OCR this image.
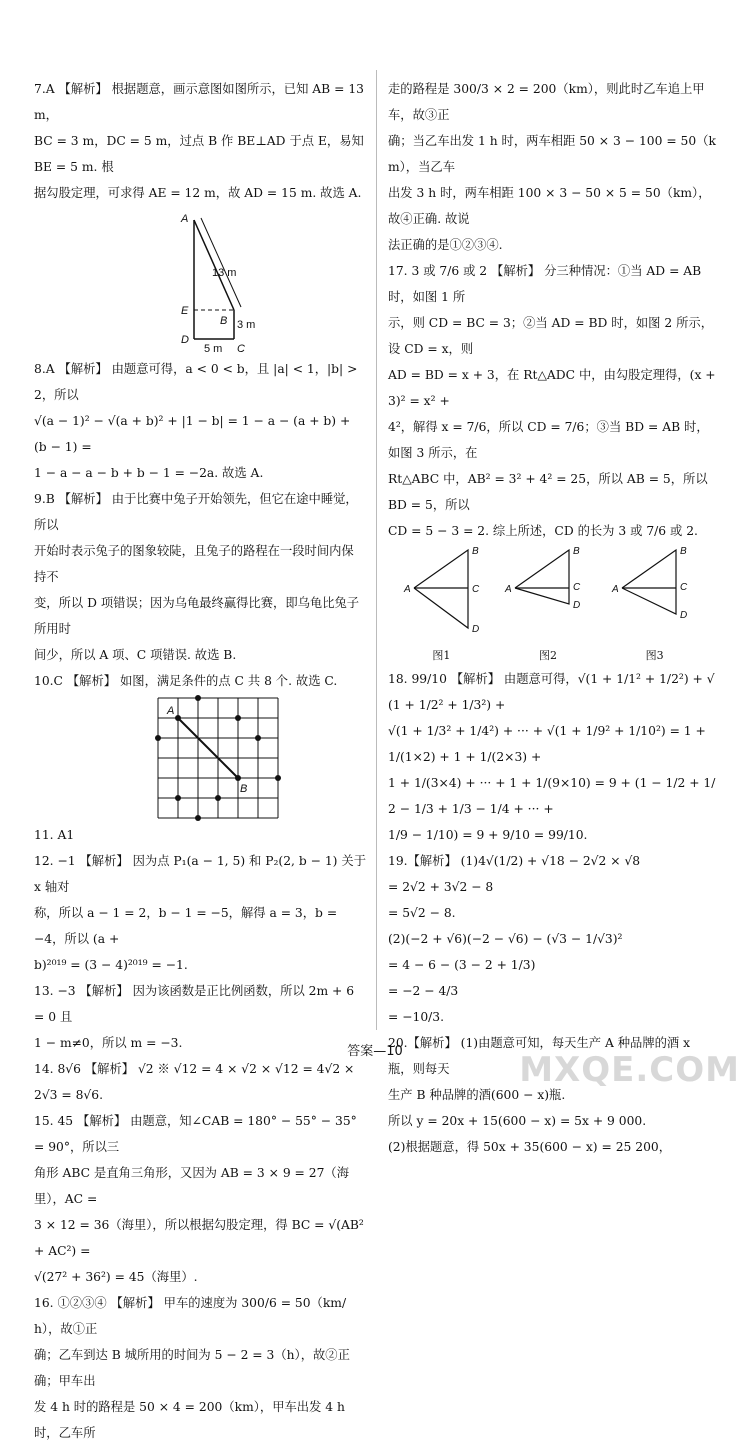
7.A 【解析】 根据题意，画示意图如图所示，已知 AB = 13 m，

BC = 3 m，DC = 5 m，过点 B 作 BE⊥AD 于点 E，易知 BE = 5 m. 根

据勾股定理，可求得 AE = 12 m，故 AD = 15 m. 故选 A.

A
13 m
E
B 3 m
D
5 m C

8.A 【解析】 由题意可得，a < 0 < b，且 |a| < 1，|b| > 2，所以

√(a − 1)² − √(a + b)² + |1 − b| = 1 − a − (a + b) + (b − 1) =

1 − a − a − b + b − 1 = −2a. 故选 A.

9.B 【解析】 由于比赛中兔子开始领先，但它在途中睡觉，所以

开始时表示兔子的图象较陡，且兔子的路程在一段时间内保持不

变，所以 D 项错误；因为乌龟最终赢得比赛，即乌龟比兔子所用时

间少，所以 A 项、C 项错误. 故选 B.

10.C 【解析】 如图，满足条件的点 C 共 8 个. 故选 C.

A
B

11. A1

12. −1 【解析】 因为点 P₁(a − 1, 5) 和 P₂(2, b − 1) 关于 x 轴对

称，所以 a − 1 = 2，b − 1 = −5，解得 a = 3，b = −4，所以 (a +

b)²⁰¹⁹ = (3 − 4)²⁰¹⁹ = −1.

13. −3 【解析】 因为该函数是正比例函数，所以 2m + 6 = 0 且

1 − m≠0，所以 m = −3.

14. 8√6 【解析】 √2 ※ √12 = 4 × √2 × √12 = 4√2 × 2√3 = 8√6.

15. 45 【解析】 由题意，知∠CAB = 180° − 55° − 35° = 90°，所以三

角形 ABC 是直角三角形，又因为 AB = 3 × 9 = 27（海里），AC =

3 × 12 = 36（海里），所以根据勾股定理，得 BC = √(AB² + AC²) =

√(27² + 36²) = 45（海里）.

16. ①②③④ 【解析】 甲车的速度为 300/6 = 50（km/h），故①正

确；乙车到达 B 城所用的时间为 5 − 2 = 3（h），故②正确；甲车出

发 4 h 时的路程是 50 × 4 = 200（km），甲车出发 4 h 时，乙车所

走的路程是 300/3 × 2 = 200（km），则此时乙车追上甲车，故③正

确；当乙车出发 1 h 时，两车相距 50 × 3 − 100 = 50（km），当乙车

出发 3 h 时，两车相距 100 × 3 − 50 × 5 = 50（km），故④正确. 故说

法正确的是①②③④.

17. 3 或 7/6 或 2 【解析】 分三种情况：①当 AD = AB 时，如图 1 所

示，则 CD = BC = 3；②当 AD = BD 时，如图 2 所示，设 CD = x，则

AD = BD = x + 3，在 Rt△ADC 中，由勾股定理得，(x + 3)² = x² +

4²，解得 x = 7/6，所以 CD = 7/6；③当 BD = AB 时，如图 3 所示，在

Rt△ABC 中，AB² = 3² + 4² = 25，所以 AB = 5，所以 BD = 5，所以

CD = 5 − 3 = 2. 综上所述，CD 的长为 3 或 7/6 或 2.

A
B
C
D
图1
A
B
C
D
图2
A
B
C
D
图3

18. 99/10 【解析】 由题意可得，√(1 + 1/1² + 1/2²) + √(1 + 1/2² + 1/3²) +

√(1 + 1/3² + 1/4²) + ··· + √(1 + 1/9² + 1/10²) = 1 + 1/(1×2) + 1 + 1/(2×3) +

1 + 1/(3×4) + ··· + 1 + 1/(9×10) = 9 + (1 − 1/2 + 1/2 − 1/3 + 1/3 − 1/4 + ··· +

1/9 − 1/10) = 9 + 9/10 = 99/10.

19.【解析】 (1)4√(1/2) + √18 − 2√2 × √8

= 2√2 + 3√2 − 8

= 5√2 − 8.

(2)(−2 + √6)(−2 − √6) − (√3 − 1/√3)²

= 4 − 6 − (3 − 2 + 1/3)

= −2 − 4/3

= −10/3.

20.【解析】 (1)由题意可知，每天生产 A 种品牌的酒 x 瓶，则每天

生产 B 种品牌的酒(600 − x)瓶.

所以 y = 20x + 15(600 − x) = 5x + 9 000.

(2)根据题意，得 50x + 35(600 − x) = 25 200，

答案—10	MXQE.COM
